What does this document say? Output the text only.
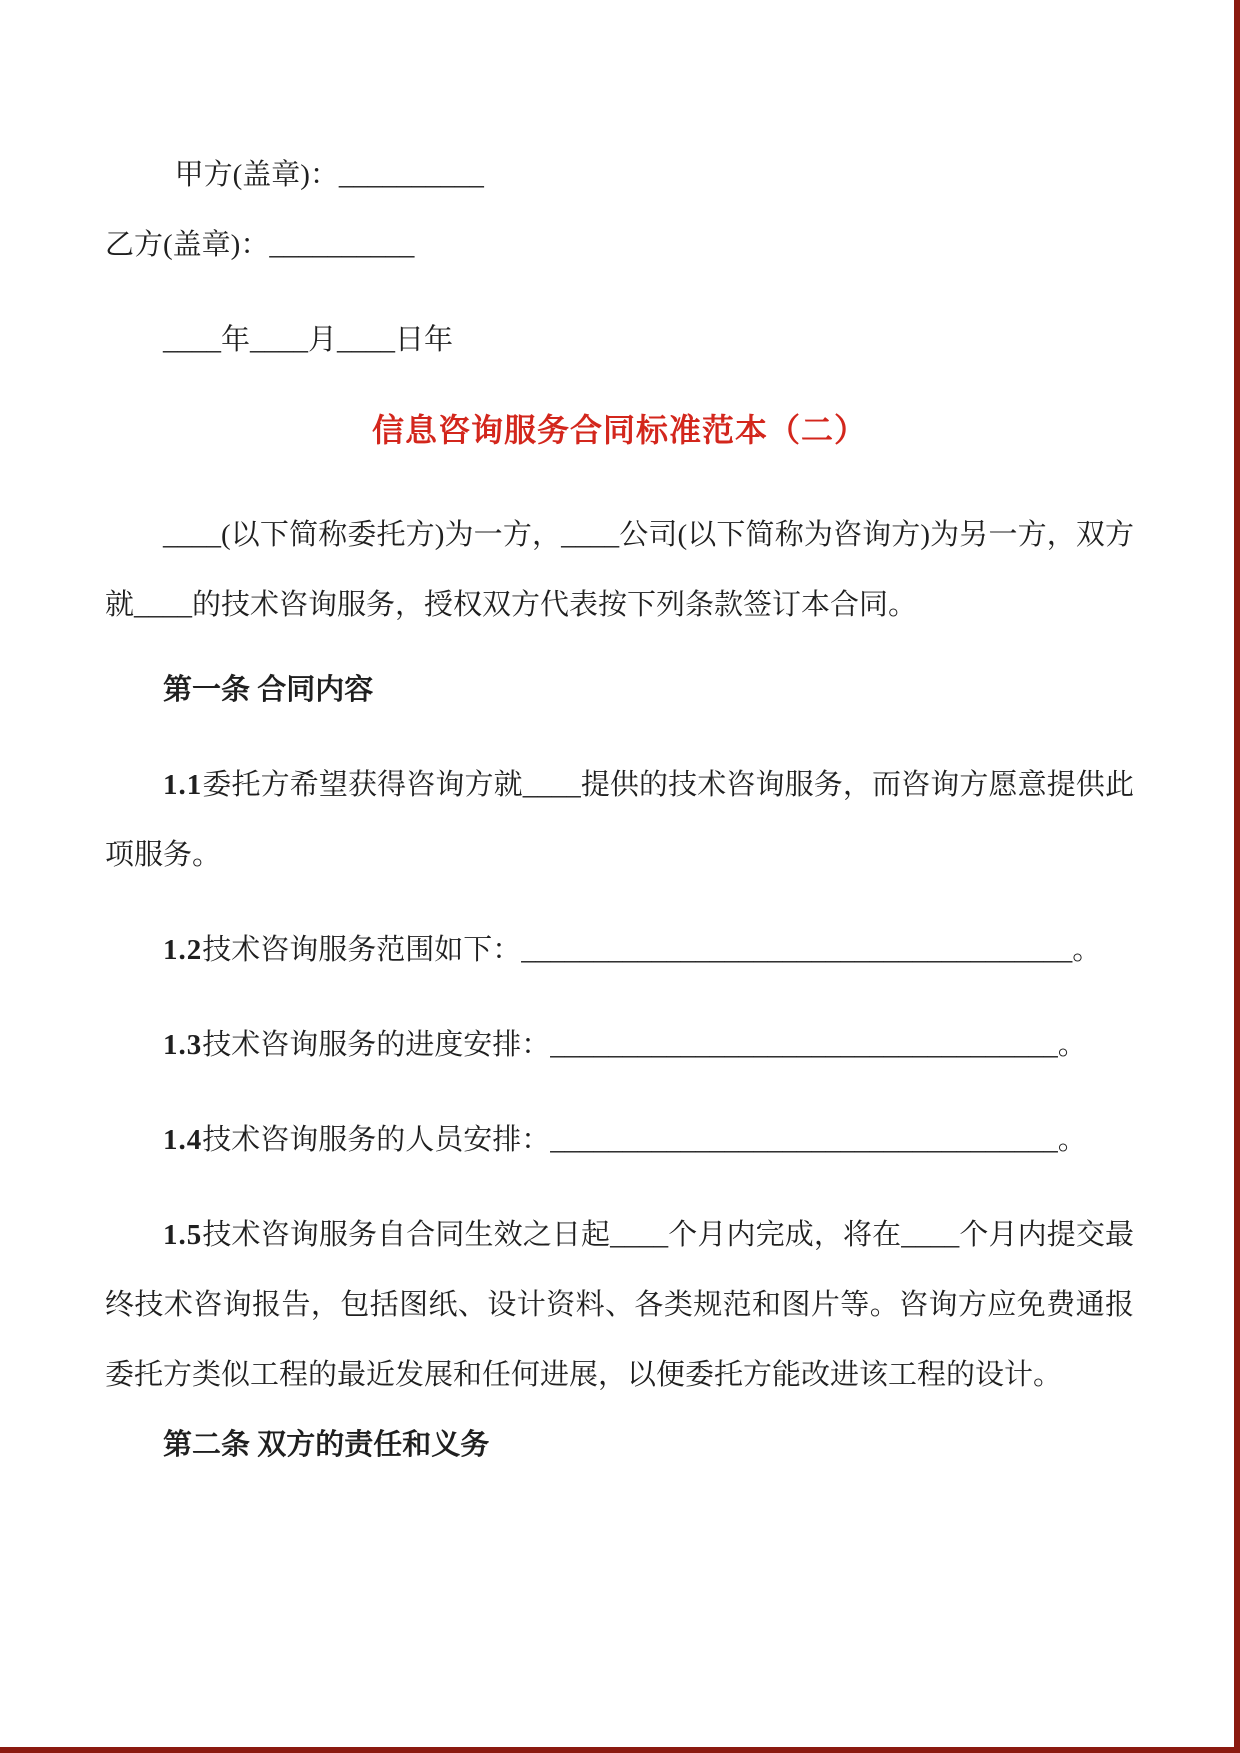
甲方(盖章)：__________

乙方(盖章)：__________

____年____月____日年

信息咨询服务合同标准范本（二）

____(以下简称委托方)为一方，____公司(以下简称为咨询方)为另一方，双方就____的技术咨询服务，授权双方代表按下列条款签订本合同。

第一条 合同内容

1.1委托方希望获得咨询方就____提供的技术咨询服务，而咨询方愿意提供此项服务。

1.2技术咨询服务范围如下：______________________________________。

1.3技术咨询服务的进度安排：___________________________________。

1.4技术咨询服务的人员安排：___________________________________。

1.5技术咨询服务自合同生效之日起____个月内完成，将在____个月内提交最终技术咨询报告，包括图纸、设计资料、各类规范和图片等。咨询方应免费通报委托方类似工程的最近发展和任何进展，以便委托方能改进该工程的设计。

第二条 双方的责任和义务
